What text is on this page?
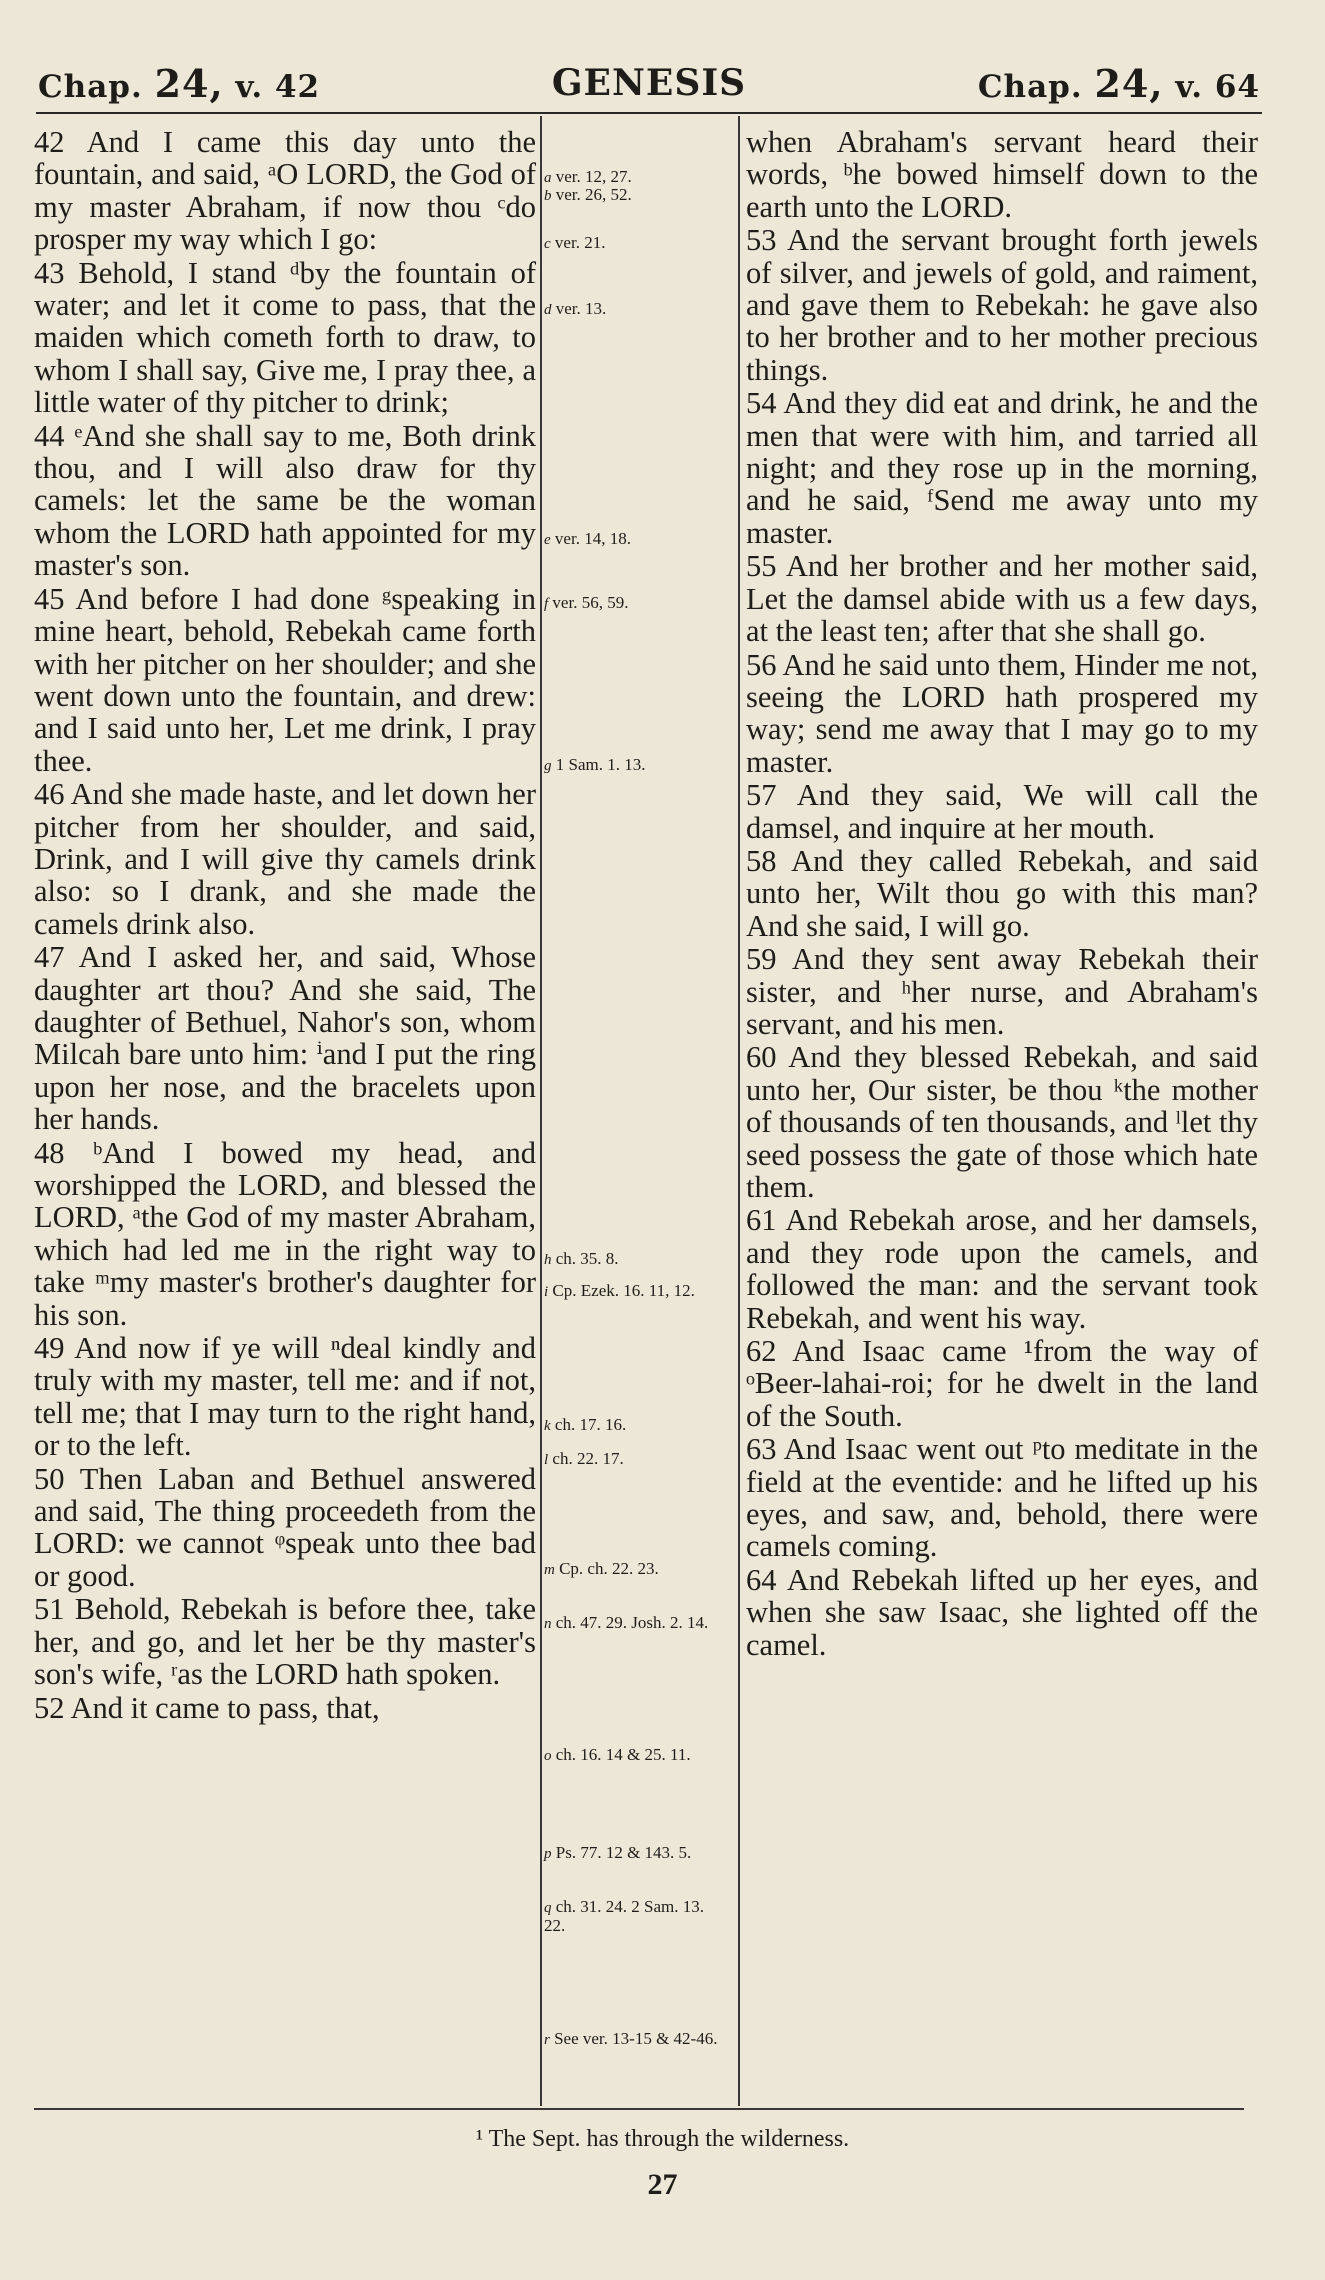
Chap. 24, v. 42	GENESIS	Chap. 24, v. 64

42 And I came this day unto the fountain, and said, ᵃO LORD, the God of my master Abraham, if now thou ᶜdo prosper my way which I go:

43 Behold, I stand ᵈby the fountain of water; and let it come to pass, that the maiden which cometh forth to draw, to whom I shall say, Give me, I pray thee, a little water of thy pitcher to drink;

44 ᵉAnd she shall say to me, Both drink thou, and I will also draw for thy camels: let the same be the woman whom the LORD hath appointed for my master's son.

45 And before I had done ᵍspeaking in mine heart, behold, Rebekah came forth with her pitcher on her shoulder; and she went down unto the fountain, and drew: and I said unto her, Let me drink, I pray thee.

46 And she made haste, and let down her pitcher from her shoulder, and said, Drink, and I will give thy camels drink also: so I drank, and she made the camels drink also.

47 And I asked her, and said, Whose daughter art thou? And she said, The daughter of Bethuel, Nahor's son, whom Milcah bare unto him: ⁱand I put the ring upon her nose, and the bracelets upon her hands.

48 ᵇAnd I bowed my head, and worshipped the LORD, and blessed the LORD, ᵃthe God of my master Abraham, which had led me in the right way to take ᵐmy master's brother's daughter for his son.

49 And now if ye will ⁿdeal kindly and truly with my master, tell me: and if not, tell me; that I may turn to the right hand, or to the left.

50 Then Laban and Bethuel answered and said, The thing proceedeth from the LORD: we cannot ᵠspeak unto thee bad or good.

51 Behold, Rebekah is before thee, take her, and go, and let her be thy master's son's wife, ʳas the LORD hath spoken.

52 And it came to pass, that,

a ver. 12, 27.
b ver. 26, 52.
c ver. 21.
d ver. 13.
e ver. 14, 18.
f ver. 56, 59.
g 1 Sam. 1. 13.
h ch. 35. 8.
i Cp. Ezek. 16. 11, 12.
k ch. 17. 16.
l ch. 22. 17.
m Cp. ch. 22. 23.
n ch. 47. 29. Josh. 2. 14.
o ch. 16. 14 & 25. 11.
p Ps. 77. 12 & 143. 5.
q ch. 31. 24. 2 Sam. 13. 22.
r See ver. 13-15 & 42-46.

when Abraham's servant heard their words, ᵇhe bowed himself down to the earth unto the LORD.

53 And the servant brought forth jewels of silver, and jewels of gold, and raiment, and gave them to Rebekah: he gave also to her brother and to her mother precious things.

54 And they did eat and drink, he and the men that were with him, and tarried all night; and they rose up in the morning, and he said, ᶠSend me away unto my master.

55 And her brother and her mother said, Let the damsel abide with us a few days, at the least ten; after that she shall go.

56 And he said unto them, Hinder me not, seeing the LORD hath prospered my way; send me away that I may go to my master.

57 And they said, We will call the damsel, and inquire at her mouth.

58 And they called Rebekah, and said unto her, Wilt thou go with this man? And she said, I will go.

59 And they sent away Rebekah their sister, and ʰher nurse, and Abraham's servant, and his men.

60 And they blessed Rebekah, and said unto her, Our sister, be thou ᵏthe mother of thousands of ten thousands, and ˡlet thy seed possess the gate of those which hate them.

61 And Rebekah arose, and her damsels, and they rode upon the camels, and followed the man: and the servant took Rebekah, and went his way.

62 And Isaac came ¹from the way of ᵒBeer-lahai-roi; for he dwelt in the land of the South.

63 And Isaac went out ᵖto meditate in the field at the eventide: and he lifted up his eyes, and saw, and, behold, there were camels coming.

64 And Rebekah lifted up her eyes, and when she saw Isaac, she lighted off the camel.

¹ The Sept. has through the wilderness.
27
